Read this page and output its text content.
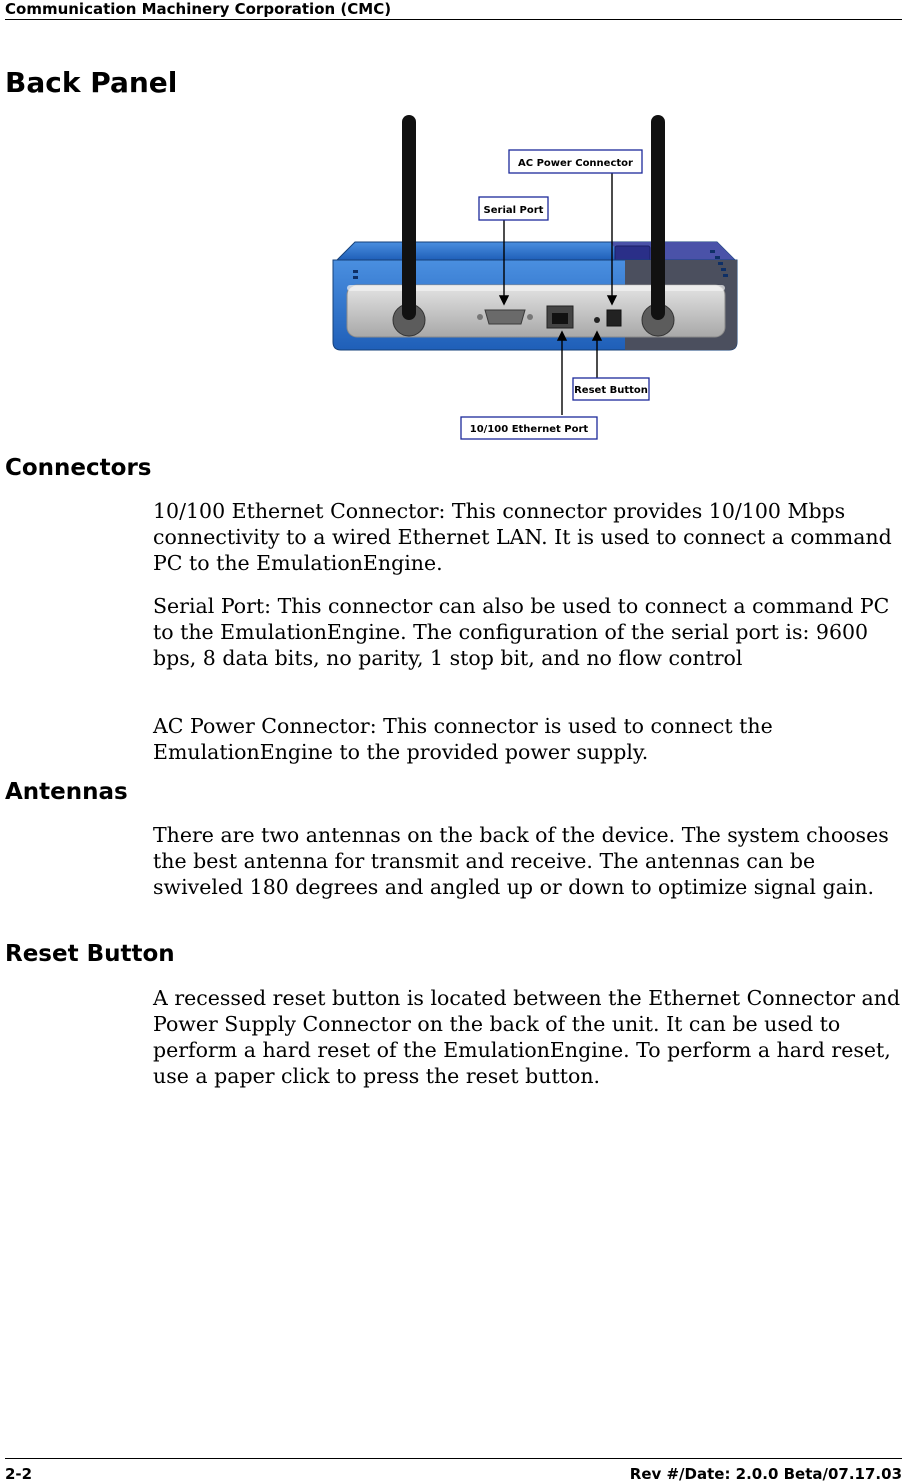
Communication Machinery Corporation (CMC)
Back Panel
AC Power Connector
Serial Port
Reset Button
10/100 Ethernet Port
Connectors

10/100 Ethernet Connector: This connector provides 10/100 Mbps connectivity to a wired Ethernet LAN. It is used to connect a command PC to the EmulationEngine.

Serial Port: This connector can also be used to connect a command PC to the EmulationEngine. The configuration of the serial port is: 9600 bps, 8 data bits, no parity, 1 stop bit, and no flow control

AC Power Connector: This connector is used to connect the EmulationEngine to the provided power supply.

Antennas

There are two antennas on the back of the device. The system chooses the best antenna for transmit and receive. The antennas can be swiveled 180 degrees and angled up or down to optimize signal gain.

Reset Button

A recessed reset button is located between the Ethernet Connector and Power Supply Connector on the back of the unit. It can be used to perform a hard reset of the EmulationEngine. To perform a hard reset, use a paper click to press the reset button.

2-2	Rev #/Date: 2.0.0 Beta/07.17.03
